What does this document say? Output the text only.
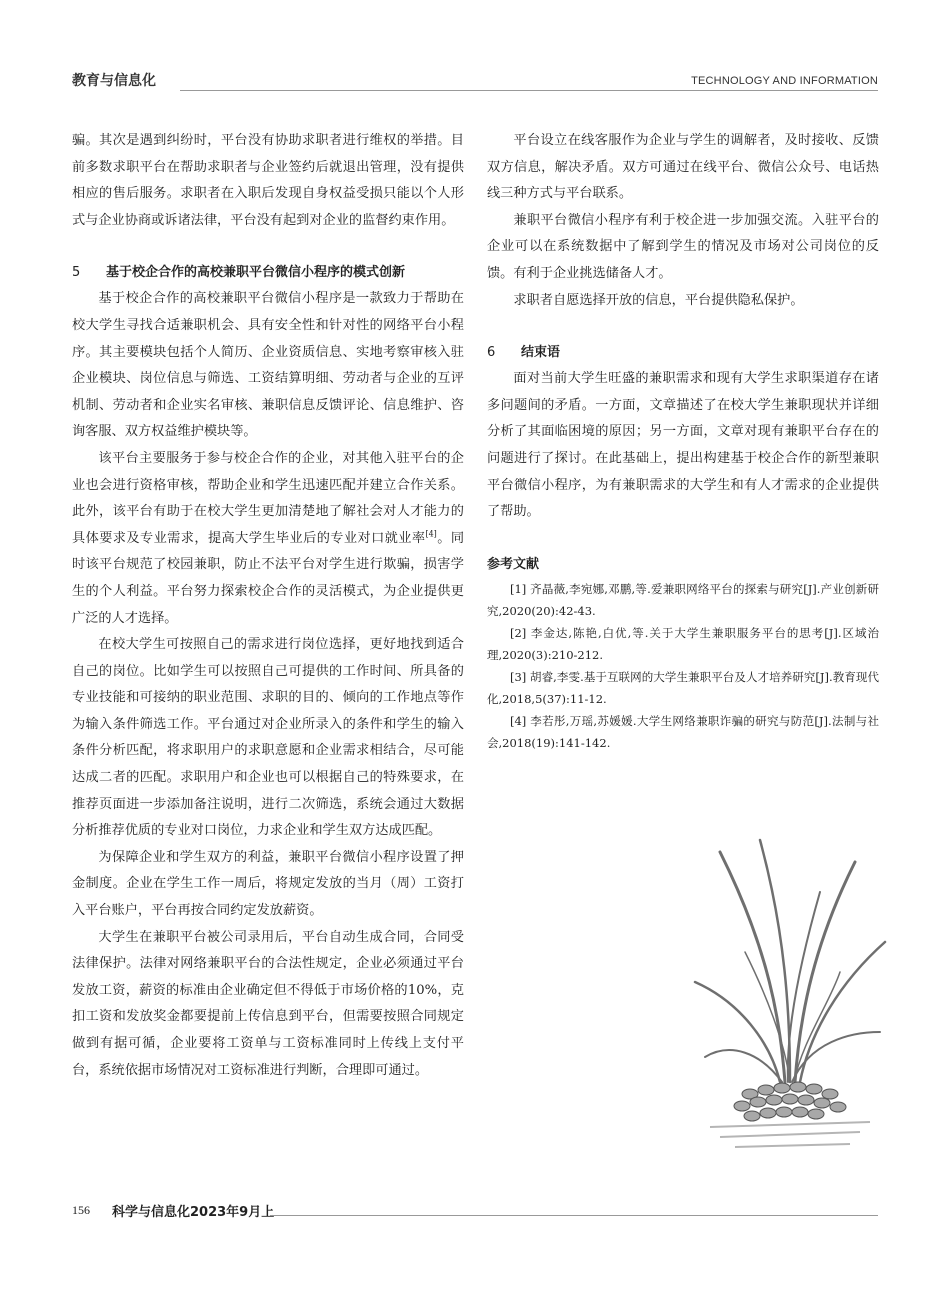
教育与信息化	TECHNOLOGY AND INFORMATION

骗。其次是遇到纠纷时，平台没有协助求职者进行维权的举措。目前多数求职平台在帮助求职者与企业签约后就退出管理，没有提供相应的售后服务。求职者在入职后发现自身权益受损只能以个人形式与企业协商或诉诸法律，平台没有起到对企业的监督约束作用。

5 基于校企合作的高校兼职平台微信小程序的模式创新

基于校企合作的高校兼职平台微信小程序是一款致力于帮助在校大学生寻找合适兼职机会、具有安全性和针对性的网络平台小程序。其主要模块包括个人简历、企业资质信息、实地考察审核入驻企业模块、岗位信息与筛选、工资结算明细、劳动者与企业的互评机制、劳动者和企业实名审核、兼职信息反馈评论、信息维护、咨询客服、双方权益维护模块等。

该平台主要服务于参与校企合作的企业，对其他入驻平台的企业也会进行资格审核，帮助企业和学生迅速匹配并建立合作关系。此外，该平台有助于在校大学生更加清楚地了解社会对人才能力的具体要求及专业需求，提高大学生毕业后的专业对口就业率[4]。同时该平台规范了校园兼职，防止不法平台对学生进行欺骗，损害学生的个人利益。平台努力探索校企合作的灵活模式，为企业提供更广泛的人才选择。

在校大学生可按照自己的需求进行岗位选择，更好地找到适合自己的岗位。比如学生可以按照自己可提供的工作时间、所具备的专业技能和可接纳的职业范围、求职的目的、倾向的工作地点等作为输入条件筛选工作。平台通过对企业所录入的条件和学生的输入条件分析匹配，将求职用户的求职意愿和企业需求相结合，尽可能达成二者的匹配。求职用户和企业也可以根据自己的特殊要求，在推荐页面进一步添加备注说明，进行二次筛选，系统会通过大数据分析推荐优质的专业对口岗位，力求企业和学生双方达成匹配。

为保障企业和学生双方的利益，兼职平台微信小程序设置了押金制度。企业在学生工作一周后，将规定发放的当月（周）工资打入平台账户，平台再按合同约定发放薪资。

大学生在兼职平台被公司录用后，平台自动生成合同，合同受法律保护。法律对网络兼职平台的合法性规定，企业必须通过平台发放工资，薪资的标准由企业确定但不得低于市场价格的10%，克扣工资和发放奖金都要提前上传信息到平台，但需要按照合同规定做到有据可循，企业要将工资单与工资标准同时上传线上支付平台，系统依据市场情况对工资标准进行判断，合理即可通过。

平台设立在线客服作为企业与学生的调解者，及时接收、反馈双方信息，解决矛盾。双方可通过在线平台、微信公众号、电话热线三种方式与平台联系。

兼职平台微信小程序有利于校企进一步加强交流。入驻平台的企业可以在系统数据中了解到学生的情况及市场对公司岗位的反馈。有利于企业挑选储备人才。

求职者自愿选择开放的信息，平台提供隐私保护。

6 结束语

面对当前大学生旺盛的兼职需求和现有大学生求职渠道存在诸多问题间的矛盾。一方面，文章描述了在校大学生兼职现状并详细分析了其面临困境的原因；另一方面，文章对现有兼职平台存在的问题进行了探讨。在此基础上，提出构建基于校企合作的新型兼职平台微信小程序，为有兼职需求的大学生和有人才需求的企业提供了帮助。

参考文献

[1] 齐晶薇,李宛娜,邓鹏,等.爱兼职网络平台的探索与研究[J].产业创新研究,2020(20):42-43.

[2] 李金达,陈艳,白优,等.关于大学生兼职服务平台的思考[J].区域治理,2020(3):210-212.

[3] 胡睿,李雯.基于互联网的大学生兼职平台及人才培养研究[J].教育现代化,2018,5(37):11-12.

[4] 李若彤,万瑶,苏媛媛.大学生网络兼职诈骗的研究与防范[J].法制与社会,2018(19):141-142.

156 科学与信息化2023年9月上
